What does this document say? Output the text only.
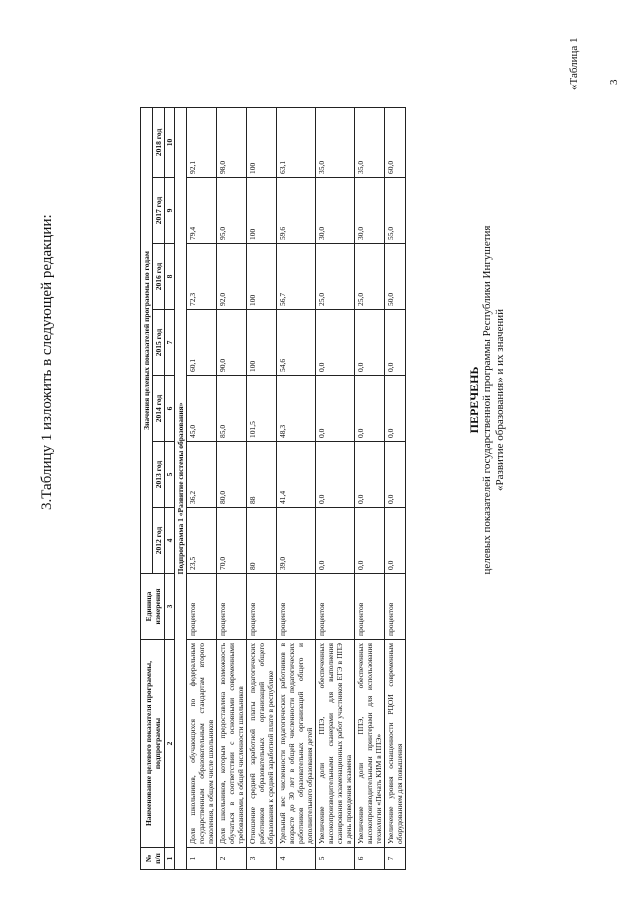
3
3.Таблицу 1 изложить в следующей редакции:
«Таблица 1
ПЕРЕЧЕНЬ целевых показателей государственной программы Республики Ингушетия «Развитие образования» и их значений
№ п/п	Наименование целевого показателя программы, подпрограммы	Единица измерения	Значения целевых показателей программы по годам						
			2012 год	2013 год	2014 год	2015 год	2016 год	2017 год	2018 год
1	2	3	4	5	6	7	8	9	10
Подпрограмма 1 «Развитие системы образования»									
1	Доля школьников, обучающихся по федеральным государственным образовательным стандартам второго поколения, в общем числе школьников	процентов	23,5	36,2	45,0	60,1	72,3	79,4	92,1
2	Доля школьников, которым предоставлена возможность обучаться в соответствии с основными современными требованиями, в общей численности школьников	процентов	70,0	80,0	85,0	90,0	92,0	95,0	98,0
3	Отношение средней заработной платы педагогических работников образовательных организаций общего образования к средней заработной плате в республике	процентов	80	88	101,5	100	100	100	100
4	Удельный вес численности педагогических работников в возрасте до 30 лет в общей численности педагогических работников образовательных организаций общего и дополнительного образования детей	процентов	39,0	41,4	48,3	54,6	56,7	59,6	63,1
5	Увеличение доли ППЭ, обеспеченных высокопроизводительными сканерами для выполнения сканирования экзаменационных работ участников ЕГЭ в ППЭ в день проведения экзамена	процентов	0,0	0,0	0,0	0,0	25,0	30,0	35,0
6	Увеличение доли ППЭ, обеспеченных высокопроизводительными принтерами для использования технологии «Печать КИМ в ППЭ»	процентов	0,0	0,0	0,0	0,0	25,0	30,0	35,0
7	Увеличение уровня оснащенности РЦОИ современным оборудованием для повышения	процентов	0,0	0,0	0,0	0,0	50,0	55,0	60,0
